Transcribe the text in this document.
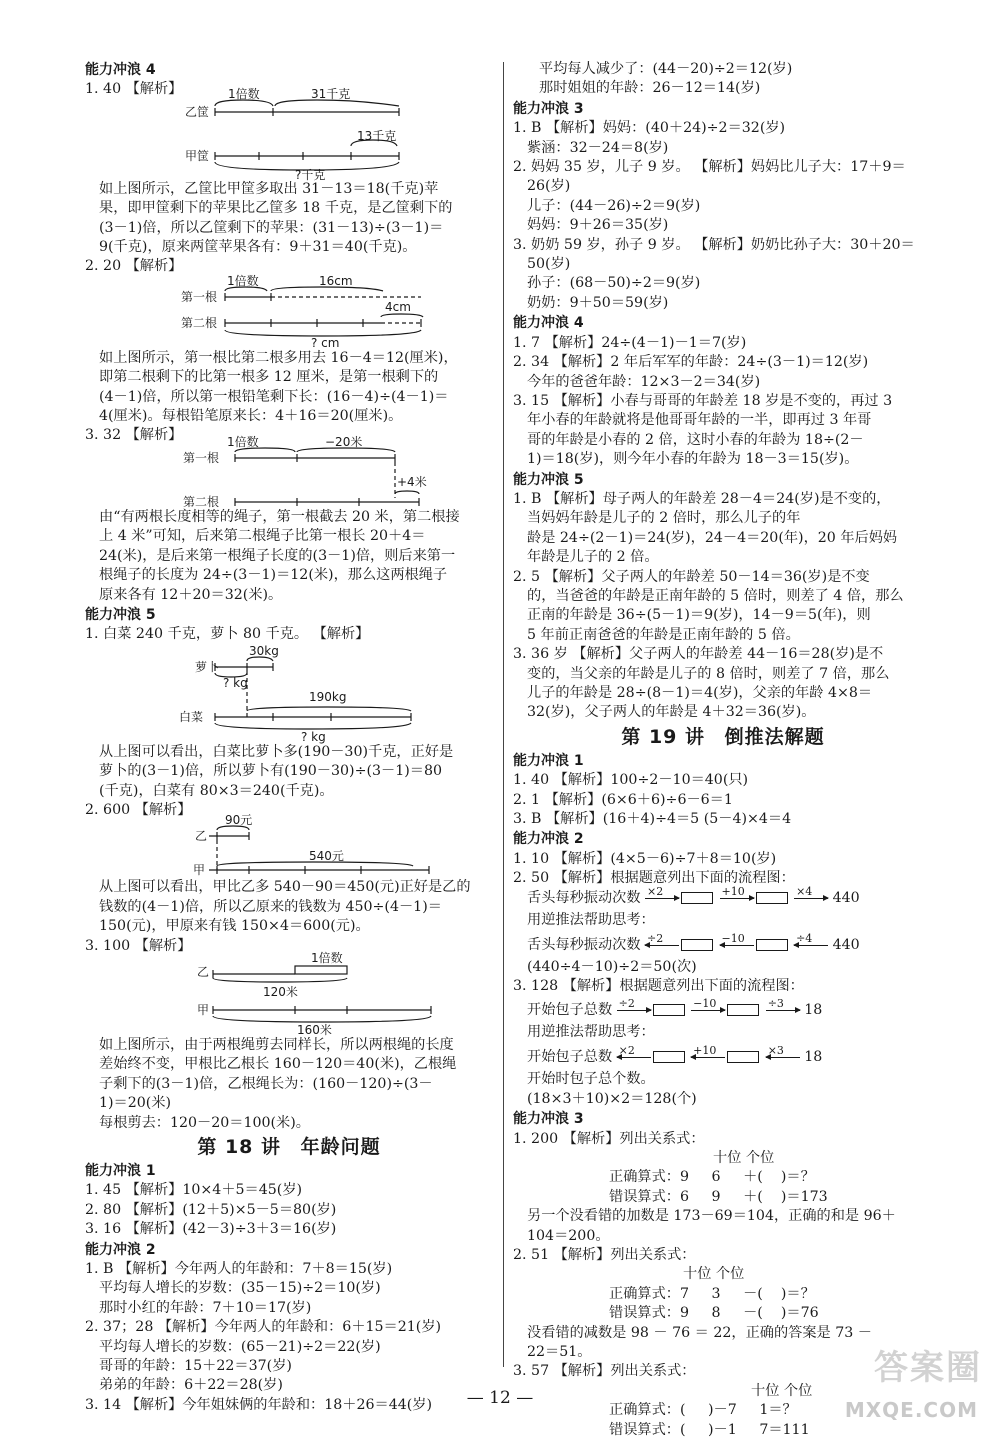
能力冲浪 4
1. 40 【解析】	1倍数	31千克
乙筐
13千克
甲筐
?千克
如上图所示，乙筐比甲筐多取出 31－13＝18(千克)苹
果，即甲筐剩下的苹果比乙筐多 18 千克，是乙筐剩下的
(3－1)倍，所以乙筐剩下的苹果：(31－13)÷(3－1)＝
9(千克)，原来两筐苹果各有：9＋31＝40(千克)。
2. 20 【解析】
1倍数	16cm
第一根
4cm
第二根
? cm
如上图所示，第一根比第二根多用去 16－4＝12(厘米)，
即第二根剩下的比第一根多 12 厘米，是第一根剩下的
(4－1)倍，所以第一根铅笔剩下长：(16－4)÷(4－1)＝
4(厘米)。每根铅笔原来长：4＋16＝20(厘米)。
3. 32 【解析】	1倍数	−20米
第一根
+4米
第二根
由“有两根长度相等的绳子，第一根截去 20 米，第二根接
上 4 米”可知，后来第二根绳子比第一根长 20＋4＝
24(米)，是后来第一根绳子长度的(3－1)倍，则后来第一
根绳子的长度为 24÷(3－1)＝12(米)，那么这两根绳子
原来各有 12＋20＝32(米)。
能力冲浪 5
1. 白菜 240 千克，萝卜 80 千克。 【解析】
30kg
萝卜
? kg
190kg
白菜
? kg
从上图可以看出，白菜比萝卜多(190－30)千克，正好是
萝卜的(3－1)倍，所以萝卜有(190－30)÷(3－1)＝80
(千克)，白菜有 80×3＝240(千克)。
2. 600 【解析】
90元
乙
540元
甲
从上图可以看出，甲比乙多 540－90＝450(元)正好是乙的
钱数的(4－1)倍，所以乙原来的钱数为 450÷(4－1)＝
150(元)，甲原来有钱 150×4＝600(元)。
3. 100 【解析】
1倍数
乙
120米
甲
160米
如上图所示，由于两根绳剪去同样长，所以两根绳的长度
差始终不变，甲根比乙根长 160－120＝40(米)，乙根绳
子剩下的(3－1)倍，乙根绳长为：(160－120)÷(3－
1)＝20(米)
每根剪去：120－20＝100(米)。
第 18 讲 年龄问题
能力冲浪 1
1. 45 【解析】10×4＋5＝45(岁)
2. 80 【解析】(12＋5)×5－5＝80(岁)
3. 16 【解析】(42－3)÷3＋3＝16(岁)
能力冲浪 2
1. B 【解析】今年两人的年龄和：7＋8＝15(岁)
平均每人增长的岁数：(35－15)÷2＝10(岁)
那时小红的年龄：7＋10＝17(岁)
2. 37；28 【解析】今年两人的年龄和：6＋15＝21(岁)
平均每人增长的岁数：(65－21)÷2＝22(岁)
哥哥的年龄：15＋22＝37(岁)
弟弟的年龄：6＋22＝28(岁)
3. 14 【解析】今年姐妹俩的年龄和：18＋26＝44(岁)
平均每人减少了：(44－20)÷2＝12(岁)
那时姐姐的年龄：26－12＝14(岁)
能力冲浪 3
1. B 【解析】妈妈：(40＋24)÷2＝32(岁)
紫涵：32－24＝8(岁)
2. 妈妈 35 岁，儿子 9 岁。 【解析】妈妈比儿子大：17＋9＝
26(岁)
儿子：(44－26)÷2＝9(岁)
妈妈：9＋26＝35(岁)
3. 奶奶 59 岁，孙子 9 岁。 【解析】奶奶比孙子大：30＋20＝
50(岁)
孙子：(68－50)÷2＝9(岁)
奶奶：9＋50＝59(岁)
能力冲浪 4
1. 7 【解析】24÷(4－1)－1＝7(岁)
2. 34 【解析】2 年后军军的年龄：24÷(3－1)＝12(岁)
今年的爸爸年龄：12×3－2＝34(岁)
3. 15 【解析】小春与哥哥的年龄差 18 岁是不变的，再过 3
年小春的年龄就将是他哥哥年龄的一半，即再过 3 年哥
哥的年龄是小春的 2 倍，这时小春的年龄为 18÷(2－
1)＝18(岁)，则今年小春的年龄为 18－3＝15(岁)。
能力冲浪 5
1. B 【解析】母子两人的年龄差 28－4＝24(岁)是不变的，
当妈妈年龄是儿子的 2 倍时，那么儿子的年
龄是 24÷(2－1)＝24(岁)，24－4＝20(年)，20 年后妈妈
年龄是儿子的 2 倍。
2. 5 【解析】父子两人的年龄差 50－14＝36(岁)是不变
的，当爸爸的年龄是正南年龄的 5 倍时，则差了 4 倍，那么
正南的年龄是 36÷(5－1)＝9(岁)，14－9＝5(年)，则
5 年前正南爸爸的年龄是正南年龄的 5 倍。
3. 36 岁 【解析】父子两人的年龄差 44－16＝28(岁)是不
变的，当父亲的年龄是儿子的 8 倍时，则差了 7 倍，那么
儿子的年龄是 28÷(8－1)＝4(岁)，父亲的年龄 4×8＝
32(岁)，父子两人的年龄是 4＋32＝36(岁)。
第 19 讲 倒推法解题
能力冲浪 1
1. 40 【解析】100÷2－10＝40(只)
2. 1 【解析】(6×6＋6)÷6－6＝1
3. B 【解析】(16＋4)÷4＝5 (5－4)×4＝4
能力冲浪 2
1. 10 【解析】(4×5－6)÷7＋8＝10(岁)
2. 50 【解析】根据题意列出下面的流程图：
舌头每秒振动次数 ×2
	+10
	×4 440
用逆推法帮助思考：
舌头每秒振动次数 ÷2
	−10
	÷4 440
(440÷4－10)÷2＝50(次)
3. 128 【解析】根据题意列出下面的流程图：
开始包子总数 ÷2
	−10
	÷3 18
用逆推法帮助思考：
开始包子总数 ×2
	+10
	×3 18
开始时包子总个数。
(18×3＋10)×2＝128(个)
能力冲浪 3
1. 200 【解析】列出关系式：
十位 个位
正确算式：9     6     ＋(    )＝？
错误算式：6     9     ＋(    )＝173
另一个没看错的加数是 173－69＝104，正确的和是 96＋
104＝200。
2. 51 【解析】列出关系式：
十位 个位
正确算式：7     3     －(    )＝？
错误算式：9     8     －(    )＝76
没看错的减数是 98 － 76 ＝ 22，正确的答案是 73 －
22＝51。
3. 57 【解析】列出关系式：
十位 个位
正确算式：(     )－7     1＝？
错误算式：(     )－1     7＝111
— 12 —
答案圈
MXQE.COM
